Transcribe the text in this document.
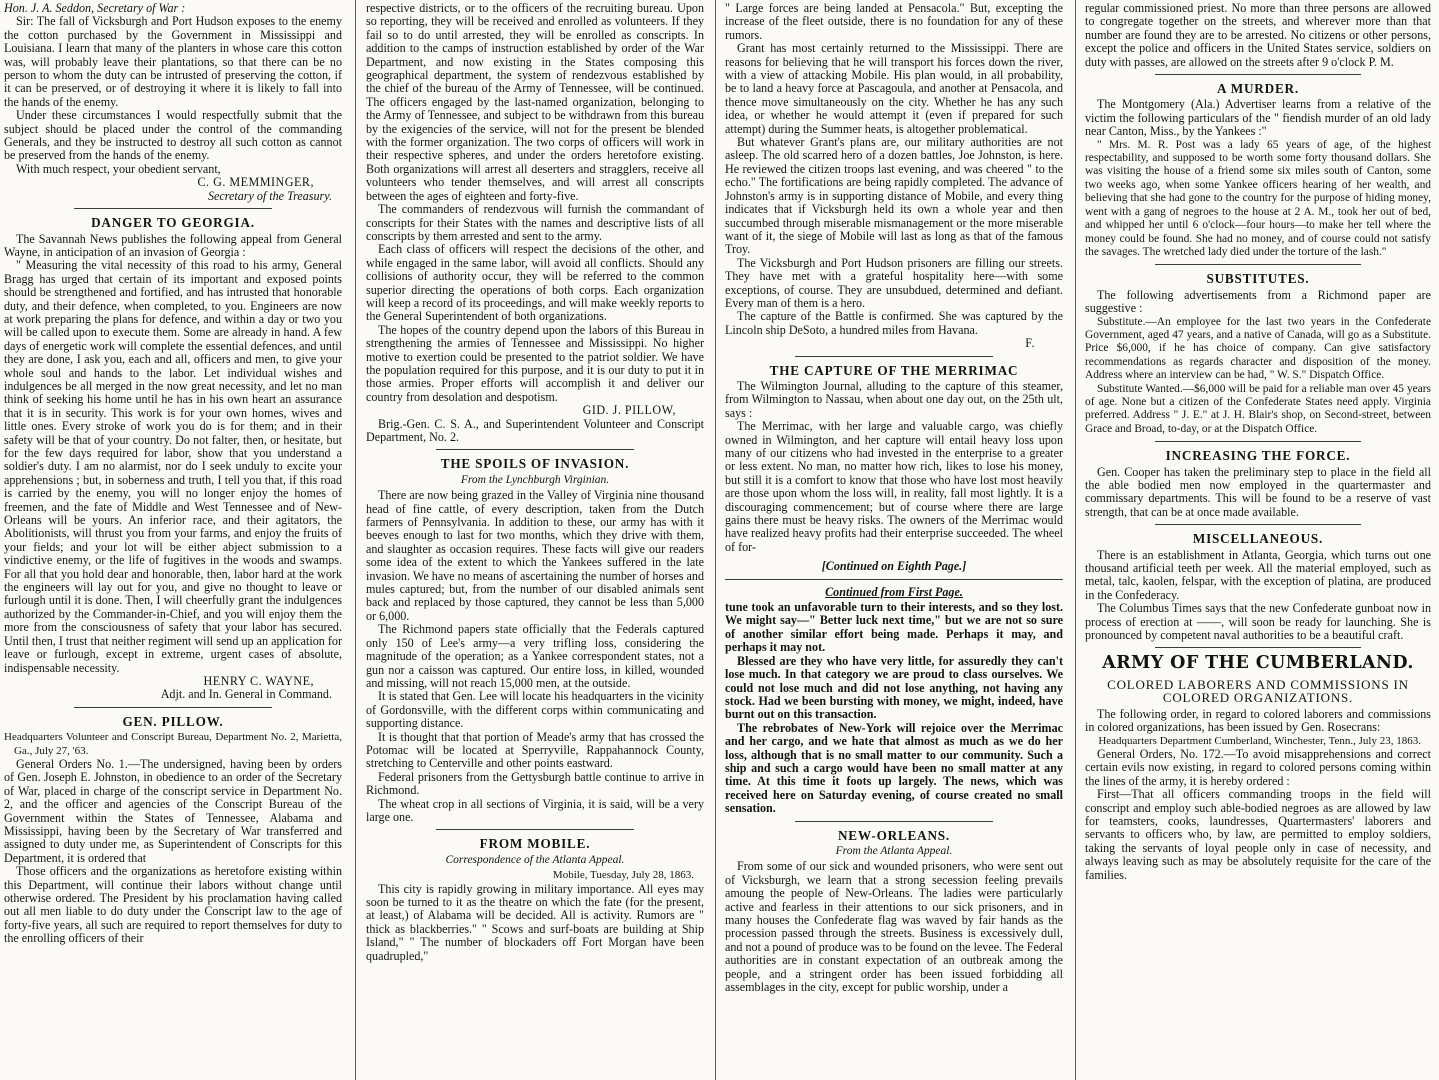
Hon. J. A. Seddon, Secretary of War :

Sir: The fall of Vicksburgh and Port Hudson exposes to the enemy the cotton purchased by the Government in Mississippi and Louisiana. I learn that many of the planters in whose care this cotton was, will probably leave their plantations, so that there can be no person to whom the duty can be intrusted of preserving the cotton, if it can be preserved, or of destroying it where it is likely to fall into the hands of the enemy.

Under these circumstances I would respectfully submit that the subject should be placed under the control of the commanding Generals, and they be instructed to destroy all such cotton as cannot be preserved from the hands of the enemy.

With much respect, your obedient servant,

C. G. MEMMINGER,

Secretary of the Treasury.

DANGER TO GEORGIA.

The Savannah News publishes the following appeal from General Wayne, in anticipation of an invasion of Georgia :

" Measuring the vital necessity of this road to his army, General Bragg has urged that certain of its important and exposed points should be strengthened and fortified, and has intrusted that honorable duty, and their defence, when completed, to you. Engineers are now at work preparing the plans for defence, and within a day or two you will be called upon to execute them. Some are already in hand. A few days of energetic work will complete the essential defences, and until they are done, I ask you, each and all, officers and men, to give your whole soul and hands to the labor. Let individual wishes and indulgences be all merged in the now great necessity, and let no man think of seeking his home until he has in his own heart an assurance that it is in security. This work is for your own homes, wives and little ones. Every stroke of work you do is for them; and in their safety will be that of your country. Do not falter, then, or hesitate, but for the few days required for labor, show that you understand a soldier's duty. I am no alarmist, nor do I seek unduly to excite your apprehensions ; but, in soberness and truth, I tell you that, if this road is carried by the enemy, you will no longer enjoy the homes of freemen, and the fate of Middle and West Tennessee and of New-Orleans will be yours. An inferior race, and their agitators, the Abolitionists, will thrust you from your farms, and enjoy the fruits of your fields; and your lot will be either abject submission to a vindictive enemy, or the life of fugitives in the woods and swamps. For all that you hold dear and honorable, then, labor hard at the work the engineers will lay out for you, and give no thought to leave or furlough until it is done. Then, I will cheerfully grant the indulgences authorized by the Commander-in-Chief, and you will enjoy them the more from the consciousness of safety that your labor has secured. Until then, I trust that neither regiment will send up an application for leave or furlough, except in extreme, urgent cases of absolute, indispensable necessity.

HENRY C. WAYNE,

Adjt. and In. General in Command.

GEN. PILLOW.

Headquarters Volunteer and Conscript Bureau, Department No. 2, Marietta, Ga., July 27, '63.

General Orders No. 1.—The undersigned, having been by orders of Gen. Joseph E. Johnston, in obedience to an order of the Secretary of War, placed in charge of the conscript service in Department No. 2, and the officer and agencies of the Conscript Bureau of the Government within the States of Tennessee, Alabama and Mississippi, having been by the Secretary of War transferred and assigned to duty under me, as Superintendent of Conscripts for this Department, it is ordered that

Those officers and the organizations as heretofore existing within this Department, will continue their labors without change until otherwise ordered. The President by his proclamation having called out all men liable to do duty under the Conscript law to the age of forty-five years, all such are required to report themselves for duty to the enrolling officers of their

respective districts, or to the officers of the recruiting bureau. Upon so reporting, they will be received and enrolled as volunteers. If they fail so to do until arrested, they will be enrolled as conscripts. In addition to the camps of instruction established by order of the War Department, and now existing in the States composing this geographical department, the system of rendezvous established by the chief of the bureau of the Army of Tennessee, will be continued. The officers engaged by the last-named organization, belonging to the Army of Tennessee, and subject to be withdrawn from this bureau by the exigencies of the service, will not for the present be blended with the former organization. The two corps of officers will work in their respective spheres, and under the orders heretofore existing. Both organizations will arrest all deserters and stragglers, receive all volunteers who tender themselves, and will arrest all conscripts between the ages of eighteen and forty-five.

The commanders of rendezvous will furnish the commandant of conscripts for their States with the names and descriptive lists of all conscripts by them arrested and sent to the army.

Each class of officers will respect the decisions of the other, and while engaged in the same labor, will avoid all conflicts. Should any collisions of authority occur, they will be referred to the common superior directing the operations of both corps. Each organization will keep a record of its proceedings, and will make weekly reports to the General Superintendent of both organizations.

The hopes of the country depend upon the labors of this Bureau in strengthening the armies of Tennessee and Mississippi. No higher motive to exertion could be presented to the patriot soldier. We have the population required for this purpose, and it is our duty to put it in those armies. Proper efforts will accomplish it and deliver our country from desolation and despotism.

GID. J. PILLOW,

Brig.-Gen. C. S. A., and Superintendent Volunteer and Conscript Department, No. 2.

THE SPOILS OF INVASION.

From the Lynchburgh Virginian.

There are now being grazed in the Valley of Virginia nine thousand head of fine cattle, of every description, taken from the Dutch farmers of Pennsylvania. In addition to these, our army has with it beeves enough to last for two months, which they drive with them, and slaughter as occasion requires. These facts will give our readers some idea of the extent to which the Yankees suffered in the late invasion. We have no means of ascertaining the number of horses and mules captured; but, from the number of our disabled animals sent back and replaced by those captured, they cannot be less than 5,000 or 6,000.

The Richmond papers state officially that the Federals captured only 150 of Lee's army—a very trifling loss, considering the magnitude of the operation; as a Yankee correspondent states, not a gun nor a caisson was captured. Our entire loss, in killed, wounded and missing, will not reach 15,000 men, at the outside.

It is stated that Gen. Lee will locate his headquarters in the vicinity of Gordonsville, with the different corps within communicating and supporting distance.

It is thought that that portion of Meade's army that has crossed the Potomac will be located at Sperryville, Rappahannock County, stretching to Centerville and other points eastward.

Federal prisoners from the Gettysburgh battle continue to arrive in Richmond.

The wheat crop in all sections of Virginia, it is said, will be a very large one.

FROM MOBILE.

Correspondence of the Atlanta Appeal.

Mobile, Tuesday, July 28, 1863.

This city is rapidly growing in military importance. All eyes may soon be turned to it as the theatre on which the fate (for the present, at least,) of Alabama will be decided. All is activity. Rumors are " thick as blackberries." " Scows and surf-boats are building at Ship Island," " The number of blockaders off Fort Morgan have been quadrupled,"

" Large forces are being landed at Pensacola." But, excepting the increase of the fleet outside, there is no foundation for any of these rumors.

Grant has most certainly returned to the Mississippi. There are reasons for believing that he will transport his forces down the river, with a view of attacking Mobile. His plan would, in all probability, be to land a heavy force at Pascagoula, and another at Pensacola, and thence move simultaneously on the city. Whether he has any such idea, or whether he would attempt it (even if prepared for such attempt) during the Summer heats, is altogether problematical.

But whatever Grant's plans are, our military authorities are not asleep. The old scarred hero of a dozen battles, Joe Johnston, is here. He reviewed the citizen troops last evening, and was cheered " to the echo." The fortifications are being rapidly completed. The advance of Johnston's army is in supporting distance of Mobile, and every thing indicates that if Vicksburgh held its own a whole year and then succumbed through miserable mismanagement or the more miserable want of it, the siege of Mobile will last as long as that of the famous Troy.

The Vicksburgh and Port Hudson prisoners are filling our streets. They have met with a grateful hospitality here—with some exceptions, of course. They are unsubdued, determined and defiant. Every man of them is a hero.

The capture of the Battle is confirmed. She was captured by the Lincoln ship DeSoto, a hundred miles from Havana.

F.

THE CAPTURE OF THE MERRIMAC

The Wilmington Journal, alluding to the capture of this steamer, from Wilmington to Nassau, when about one day out, on the 25th ult, says :

The Merrimac, with her large and valuable cargo, was chiefly owned in Wilmington, and her capture will entail heavy loss upon many of our citizens who had invested in the enterprise to a greater or less extent. No man, no matter how rich, likes to lose his money, but still it is a comfort to know that those who have lost most heavily are those upon whom the loss will, in reality, fall most lightly. It is a discouraging commencement; but of course where there are large gains there must be heavy risks. The owners of the Merrimac would have realized heavy profits had their enterprise succeeded. The wheel of for-

[Continued on Eighth Page.]

Continued from First Page.

tune took an unfavorable turn to their interests, and so they lost. We might say—" Better luck next time," but we are not so sure of another similar effort being made. Perhaps it may, and perhaps it may not.

Blessed are they who have very little, for assuredly they can't lose much. In that category we are proud to class ourselves. We could not lose much and did not lose anything, not having any stock. Had we been bursting with money, we might, indeed, have burnt out on this transaction.

The rebrobates of New-York will rejoice over the Merrimac and her cargo, and we hate that almost as much as we do her loss, although that is no small matter to our community. Such a ship and such a cargo would have been no small matter at any time. At this time it foots up largely. The news, which was received here on Saturday evening, of course created no small sensation.

NEW-ORLEANS.

From the Atlanta Appeal.

From some of our sick and wounded prisoners, who were sent out of Vicksburgh, we learn that a strong secession feeling prevails amoung the people of New-Orleans. The ladies were particularly active and fearless in their attentions to our sick prisoners, and in many houses the Confederate flag was waved by fair hands as the procession passed through the streets. Business is excessively dull, and not a pound of produce was to be found on the levee. The Federal authorities are in constant expectation of an outbreak among the people, and a stringent order has been issued forbidding all assemblages in the city, except for public worship, under a

regular commissioned priest. No more than three persons are allowed to congregate together on the streets, and wherever more than that number are found they are to be arrested. No citizens or other persons, except the police and officers in the United States service, soldiers on duty with passes, are allowed on the streets after 9 o'clock P. M.

A MURDER.

The Montgomery (Ala.) Advertiser learns from a relative of the victim the following particulars of the " fiendish murder of an old lady near Canton, Miss., by the Yankees :"

" Mrs. M. R. Post was a lady 65 years of age, of the highest respectability, and supposed to be worth some forty thousand dollars. She was visiting the house of a friend some six miles south of Canton, some two weeks ago, when some Yankee officers hearing of her wealth, and believing that she had gone to the country for the purpose of hiding money, went with a gang of negroes to the house at 2 A. M., took her out of bed, and whipped her until 6 o'clock—four hours—to make her tell where the money could be found. She had no money, and of course could not satisfy the savages. The wretched lady died under the torture of the lash."

SUBSTITUTES.

The following advertisements from a Richmond paper are suggestive :

Substitute.—An employee for the last two years in the Confederate Government, aged 47 years, and a native of Canada, will go as a Substitute. Price $6,000, if he has choice of company. Can give satisfactory recommendations as regards character and disposition of the money. Address where an interview can be had, " W. S." Dispatch Office.

Substitute Wanted.—$6,000 will be paid for a reliable man over 45 years of age. None but a citizen of the Confederate States need apply. Virginia preferred. Address " J. E." at J. H. Blair's shop, on Second-street, between Grace and Broad, to-day, or at the Dispatch Office.

INCREASING THE FORCE.

Gen. Cooper has taken the preliminary step to place in the field all the able bodied men now employed in the quartermaster and commissary departments. This will be found to be a reserve of vast strength, that can be at once made available.

MISCELLANEOUS.

There is an establishment in Atlanta, Georgia, which turns out one thousand artificial teeth per week. All the material employed, such as metal, talc, kaolen, felspar, with the exception of platina, are produced in the Confederacy.

The Columbus Times says that the new Confederate gunboat now in process of erection at ——, will soon be ready for launching. She is pronounced by competent naval authorities to be a beautiful craft.

ARMY OF THE CUMBERLAND.

COLORED LABORERS AND COMMISSIONS IN COLORED ORGANIZATIONS.

The following order, in regard to colored laborers and commissions in colored organizations, has been issued by Gen. Rosecrans:

Headquarters Department Cumberland, Winchester, Tenn., July 23, 1863.

General Orders, No. 172.—To avoid misapprehensions and correct certain evils now existing, in regard to colored persons coming within the lines of the army, it is hereby ordered :

First—That all officers commanding troops in the field will conscript and employ such able-bodied negroes as are allowed by law for teamsters, cooks, laundresses, Quartermasters' laborers and servants to officers who, by law, are permitted to employ soldiers, taking the servants of loyal people only in case of necessity, and always leaving such as may be absolutely requisite for the care of the families.
